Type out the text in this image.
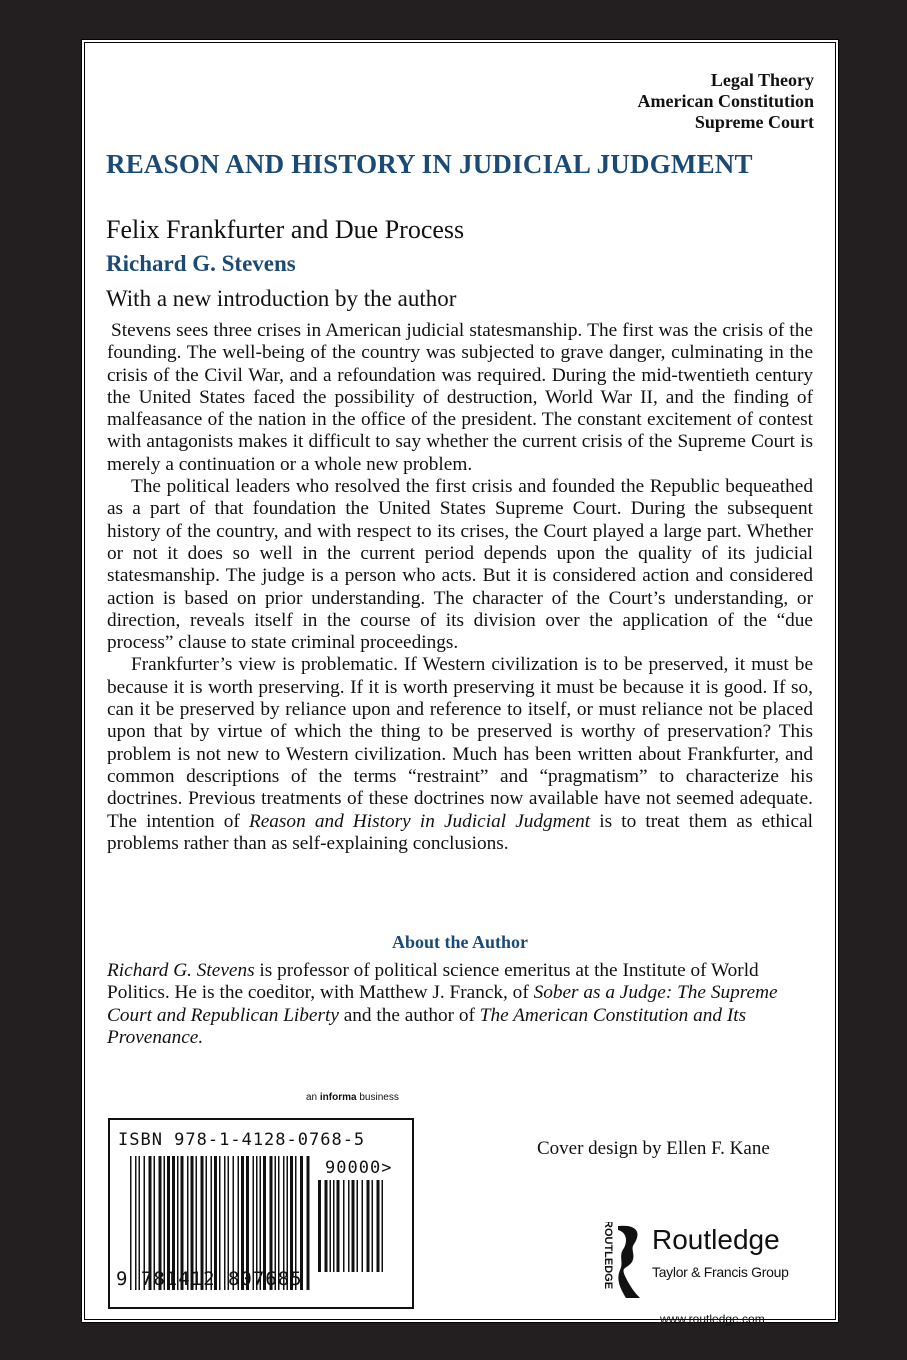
Legal Theory
American Constitution
Supreme Court
REASON AND HISTORY IN JUDICIAL JUDGMENT
Felix Frankfurter and Due Process
Richard G. Stevens
With a new introduction by the author

Stevens sees three crises in American judicial statesmanship. The first was the crisis of the founding. The well-being of the country was subjected to grave danger, culminating in the crisis of the Civil War, and a refoundation was required. During the mid-twentieth century the United States faced the possibility of destruction, World War II, and the finding of malfeasance of the nation in the office of the president. The constant excitement of contest with antagonists makes it difficult to say whether the current crisis of the Supreme Court is merely a continuation or a whole new problem.

The political leaders who resolved the first crisis and founded the Republic bequeathed as a part of that foundation the United States Supreme Court. During the subsequent history of the country, and with respect to its crises, the Court played a large part. Whether or not it does so well in the current period depends upon the quality of its judicial statesmanship. The judge is a person who acts. But it is considered action and considered action is based on prior understanding. The character of the Court’s understanding, or direction, reveals itself in the course of its division over the application of the “due process” clause to state criminal proceedings.

Frankfurter’s view is problematic. If Western civilization is to be preserved, it must be because it is worth preserving. If it is worth preserving it must be because it is good. If so, can it be preserved by reliance upon and reference to itself, or must reliance not be placed upon that by virtue of which the thing to be preserved is worthy of preservation? This problem is not new to Western civilization. Much has been written about Frankfurter, and common descriptions of the terms “restraint” and “pragmatism” to characterize his doctrines. Previous treatments of these doctrines now available have not seemed adequate. The intention of Reason and History in Judicial Judgment is to treat them as ethical problems rather than as self-explaining conclusions.

About the Author
Richard G. Stevens is professor of political science emeritus at the Institute of World Politics. He is the coeditor, with Matthew J. Franck, of Sober as a Judge: The Supreme Court and Republican Liberty and the author of The American Constitution and Its Provenance.
an informa business
ISBN 978-1-4128-0768-5
90000>
9 781412 807685
Cover design by Ellen F. Kane
ROUTLEDGE Routledge
Taylor & Francis Group
www.routledge.com
